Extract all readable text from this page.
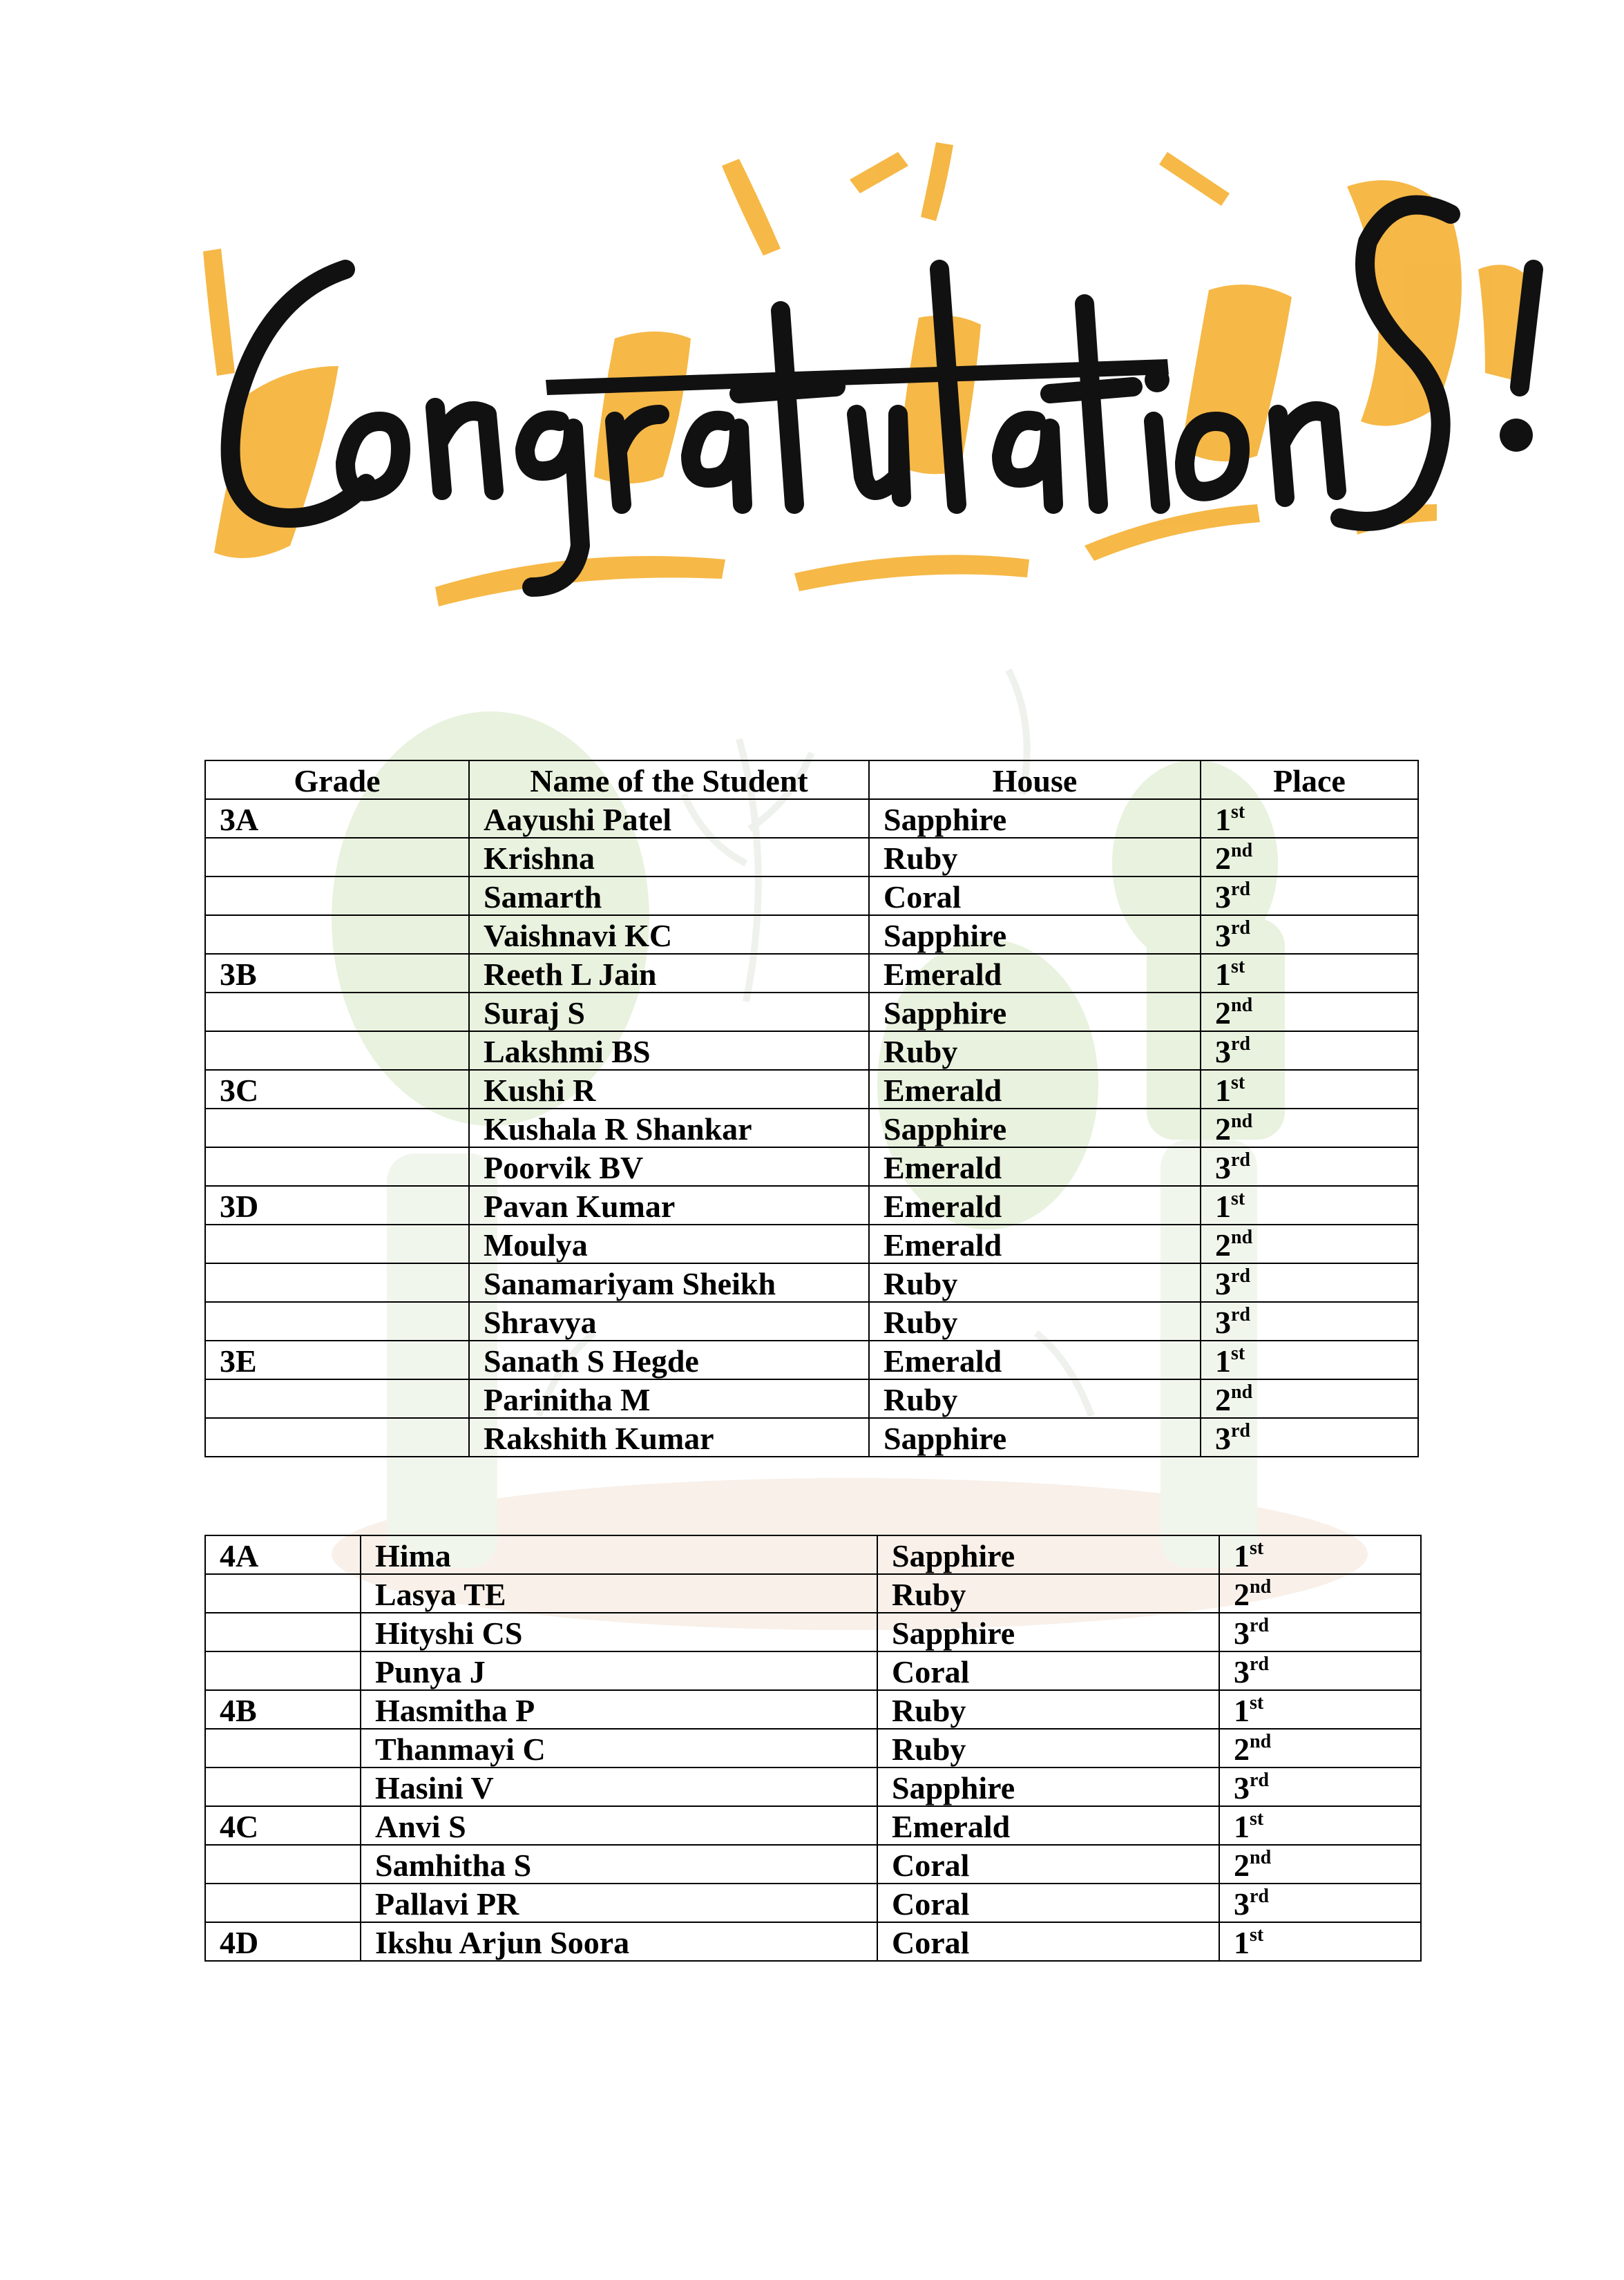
Grade	Name of the Student	House	Place
3A	Aayushi Patel	Sapphire	1st
	Krishna	Ruby	2nd
	Samarth	Coral	3rd
	Vaishnavi KC	Sapphire	3rd
3B	Reeth L Jain	Emerald	1st
	Suraj S	Sapphire	2nd
	Lakshmi BS	Ruby	3rd
3C	Kushi R	Emerald	1st
	Kushala R Shankar	Sapphire	2nd
	Poorvik BV	Emerald	3rd
3D	Pavan Kumar	Emerald	1st
	Moulya	Emerald	2nd
	Sanamariyam Sheikh	Ruby	3rd
	Shravya	Ruby	3rd
3E	Sanath S Hegde	Emerald	1st
	Parinitha M	Ruby	2nd
	Rakshith Kumar	Sapphire	3rd
4A	Hima	Sapphire	1st
	Lasya TE	Ruby	2nd
	Hityshi CS	Sapphire	3rd
	Punya J	Coral	3rd
4B	Hasmitha P	Ruby	1st
	Thanmayi C	Ruby	2nd
	Hasini V	Sapphire	3rd
4C	Anvi S	Emerald	1st
	Samhitha S	Coral	2nd
	Pallavi PR	Coral	3rd
4D	Ikshu Arjun Soora	Coral	1st
